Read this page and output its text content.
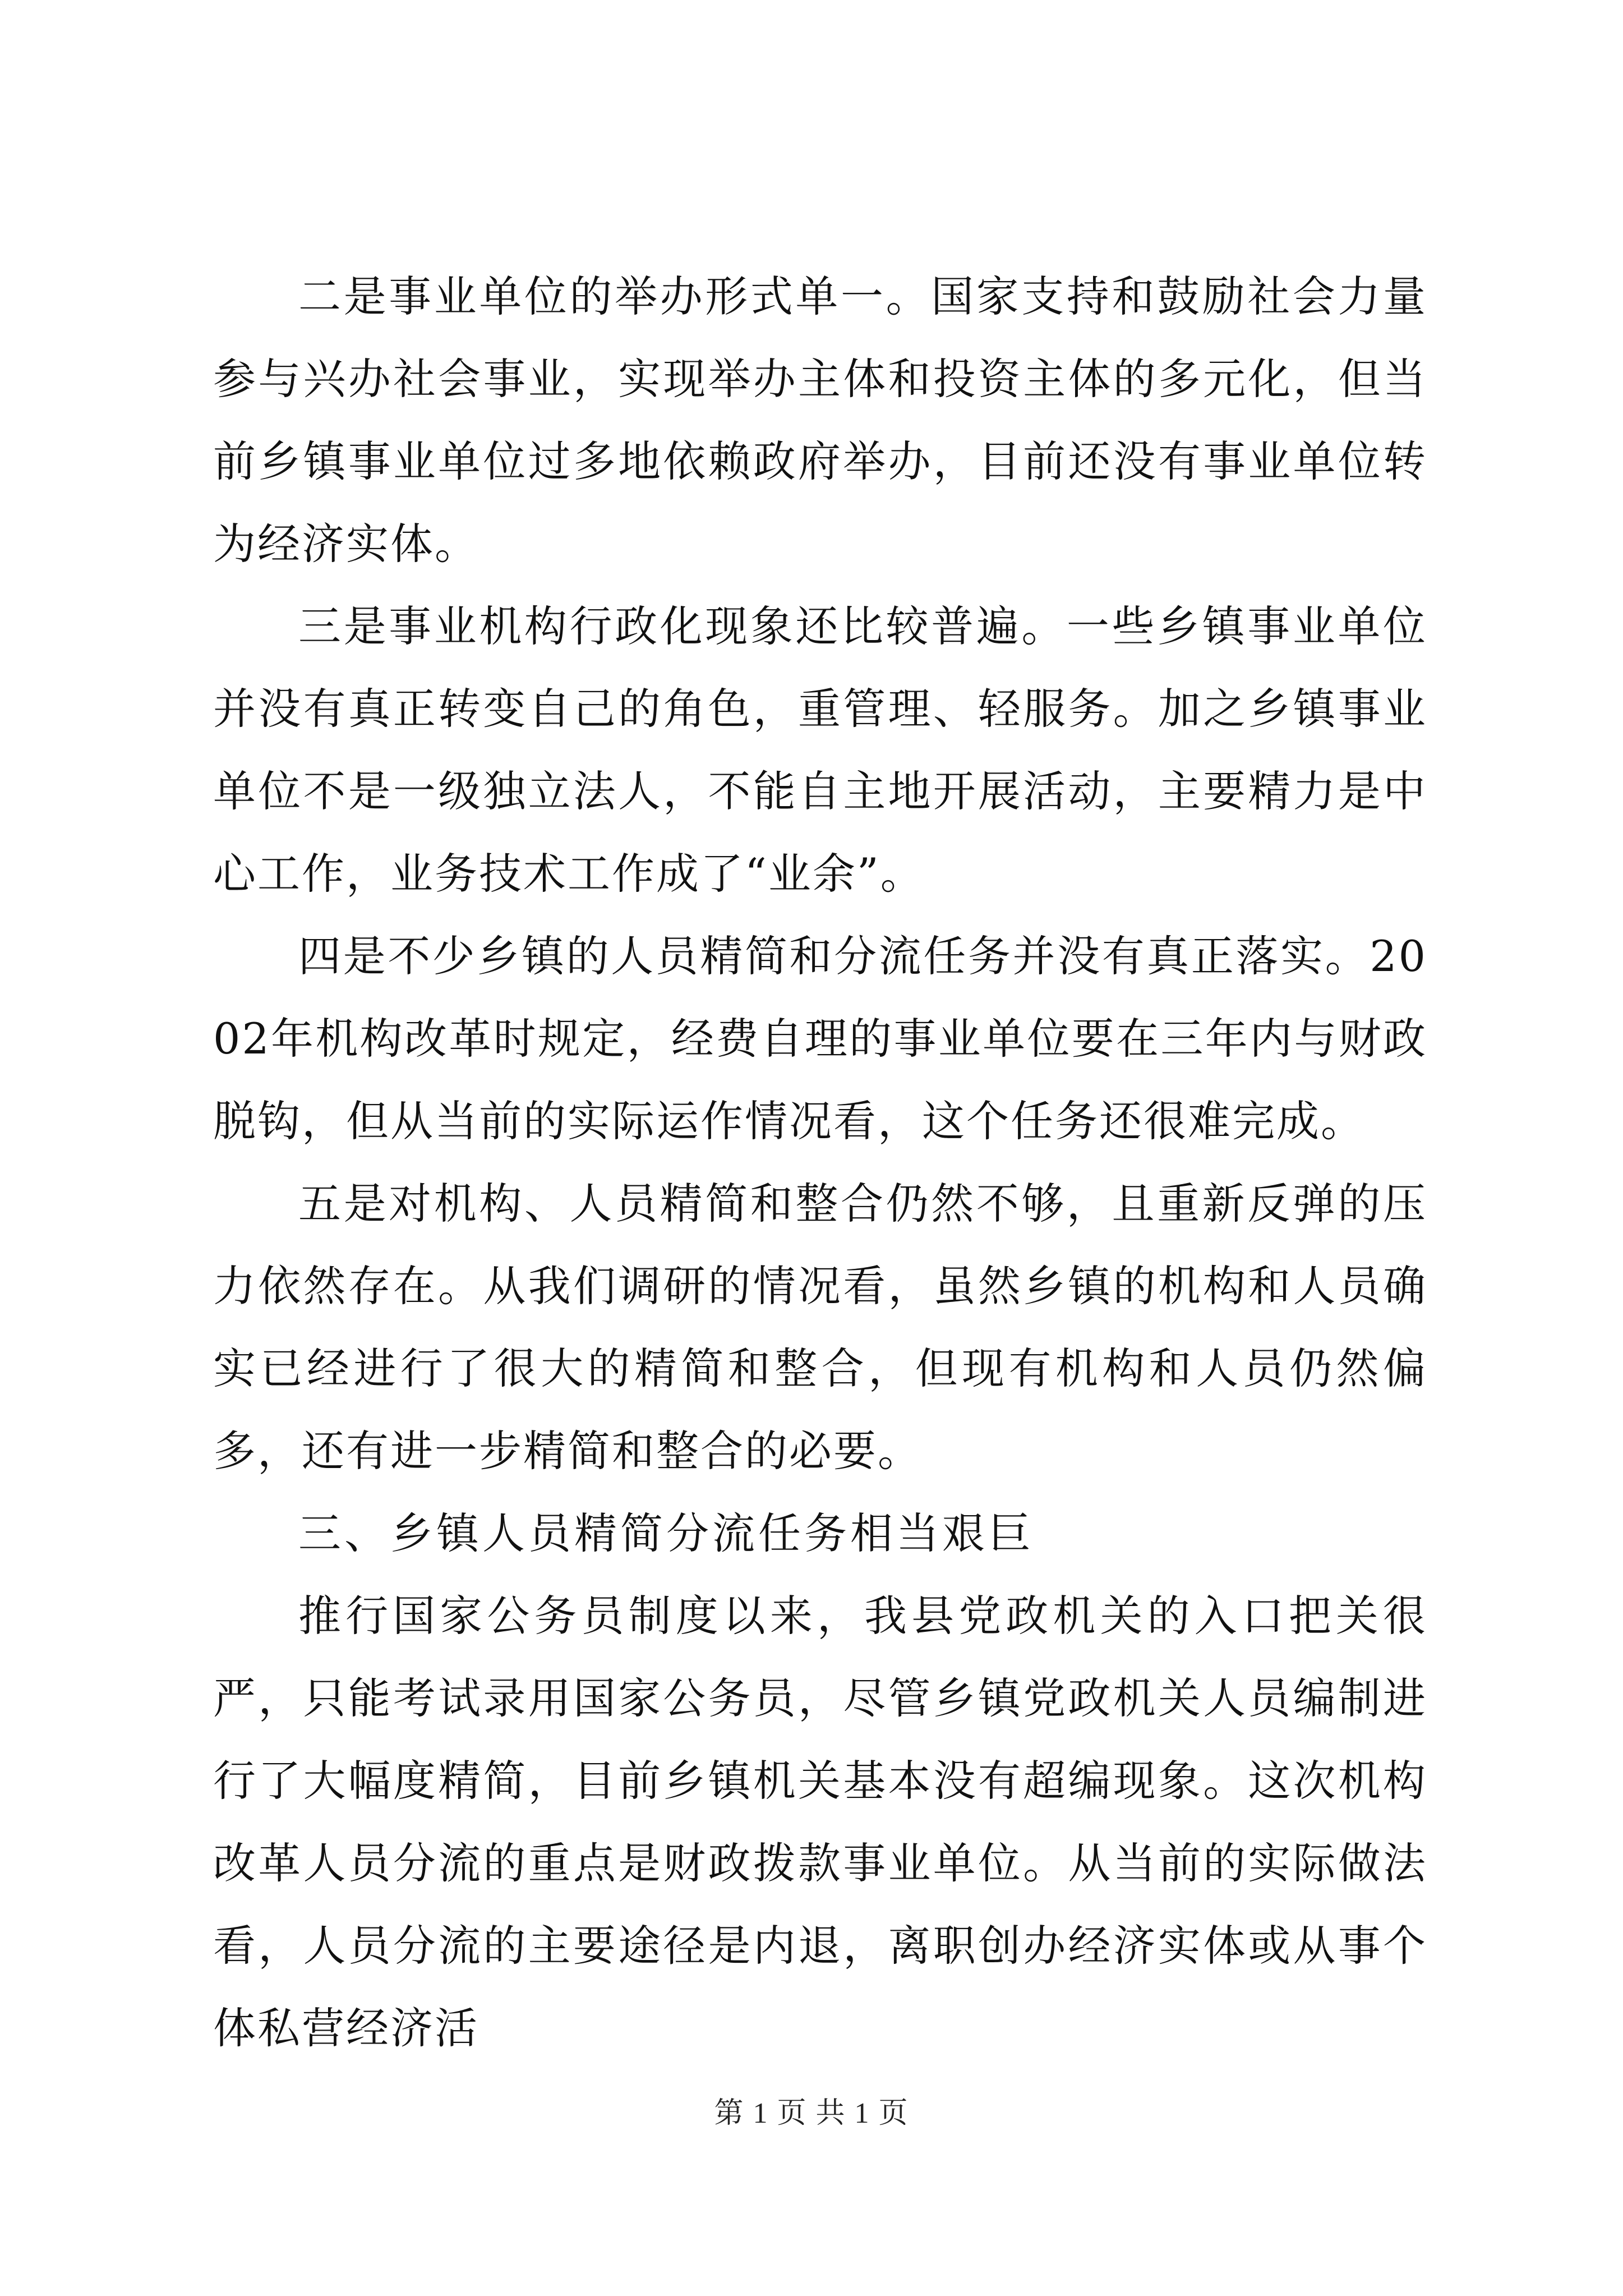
二是事业单位的举办形式单一。国家支持和鼓励社会力量参与兴办社会事业，实现举办主体和投资主体的多元化，但当前乡镇事业单位过多地依赖政府举办，目前还没有事业单位转为经济实体。

三是事业机构行政化现象还比较普遍。一些乡镇事业单位并没有真正转变自己的角色，重管理、轻服务。加之乡镇事业单位不是一级独立法人，不能自主地开展活动，主要精力是中心工作，业务技术工作成了“业余”。

四是不少乡镇的人员精简和分流任务并没有真正落实。2002年机构改革时规定，经费自理的事业单位要在三年内与财政脱钩，但从当前的实际运作情况看，这个任务还很难完成。

五是对机构、人员精简和整合仍然不够，且重新反弹的压力依然存在。从我们调研的情况看，虽然乡镇的机构和人员确实已经进行了很大的精简和整合，但现有机构和人员仍然偏多，还有进一步精简和整合的必要。

三、乡镇人员精简分流任务相当艰巨

推行国家公务员制度以来，我县党政机关的入口把关很严，只能考试录用国家公务员，尽管乡镇党政机关人员编制进行了大幅度精简，目前乡镇机关基本没有超编现象。这次机构改革人员分流的重点是财政拨款事业单位。从当前的实际做法看，人员分流的主要途径是内退，离职创办经济实体或从事个体私营经济活

第 1 页 共 1 页
